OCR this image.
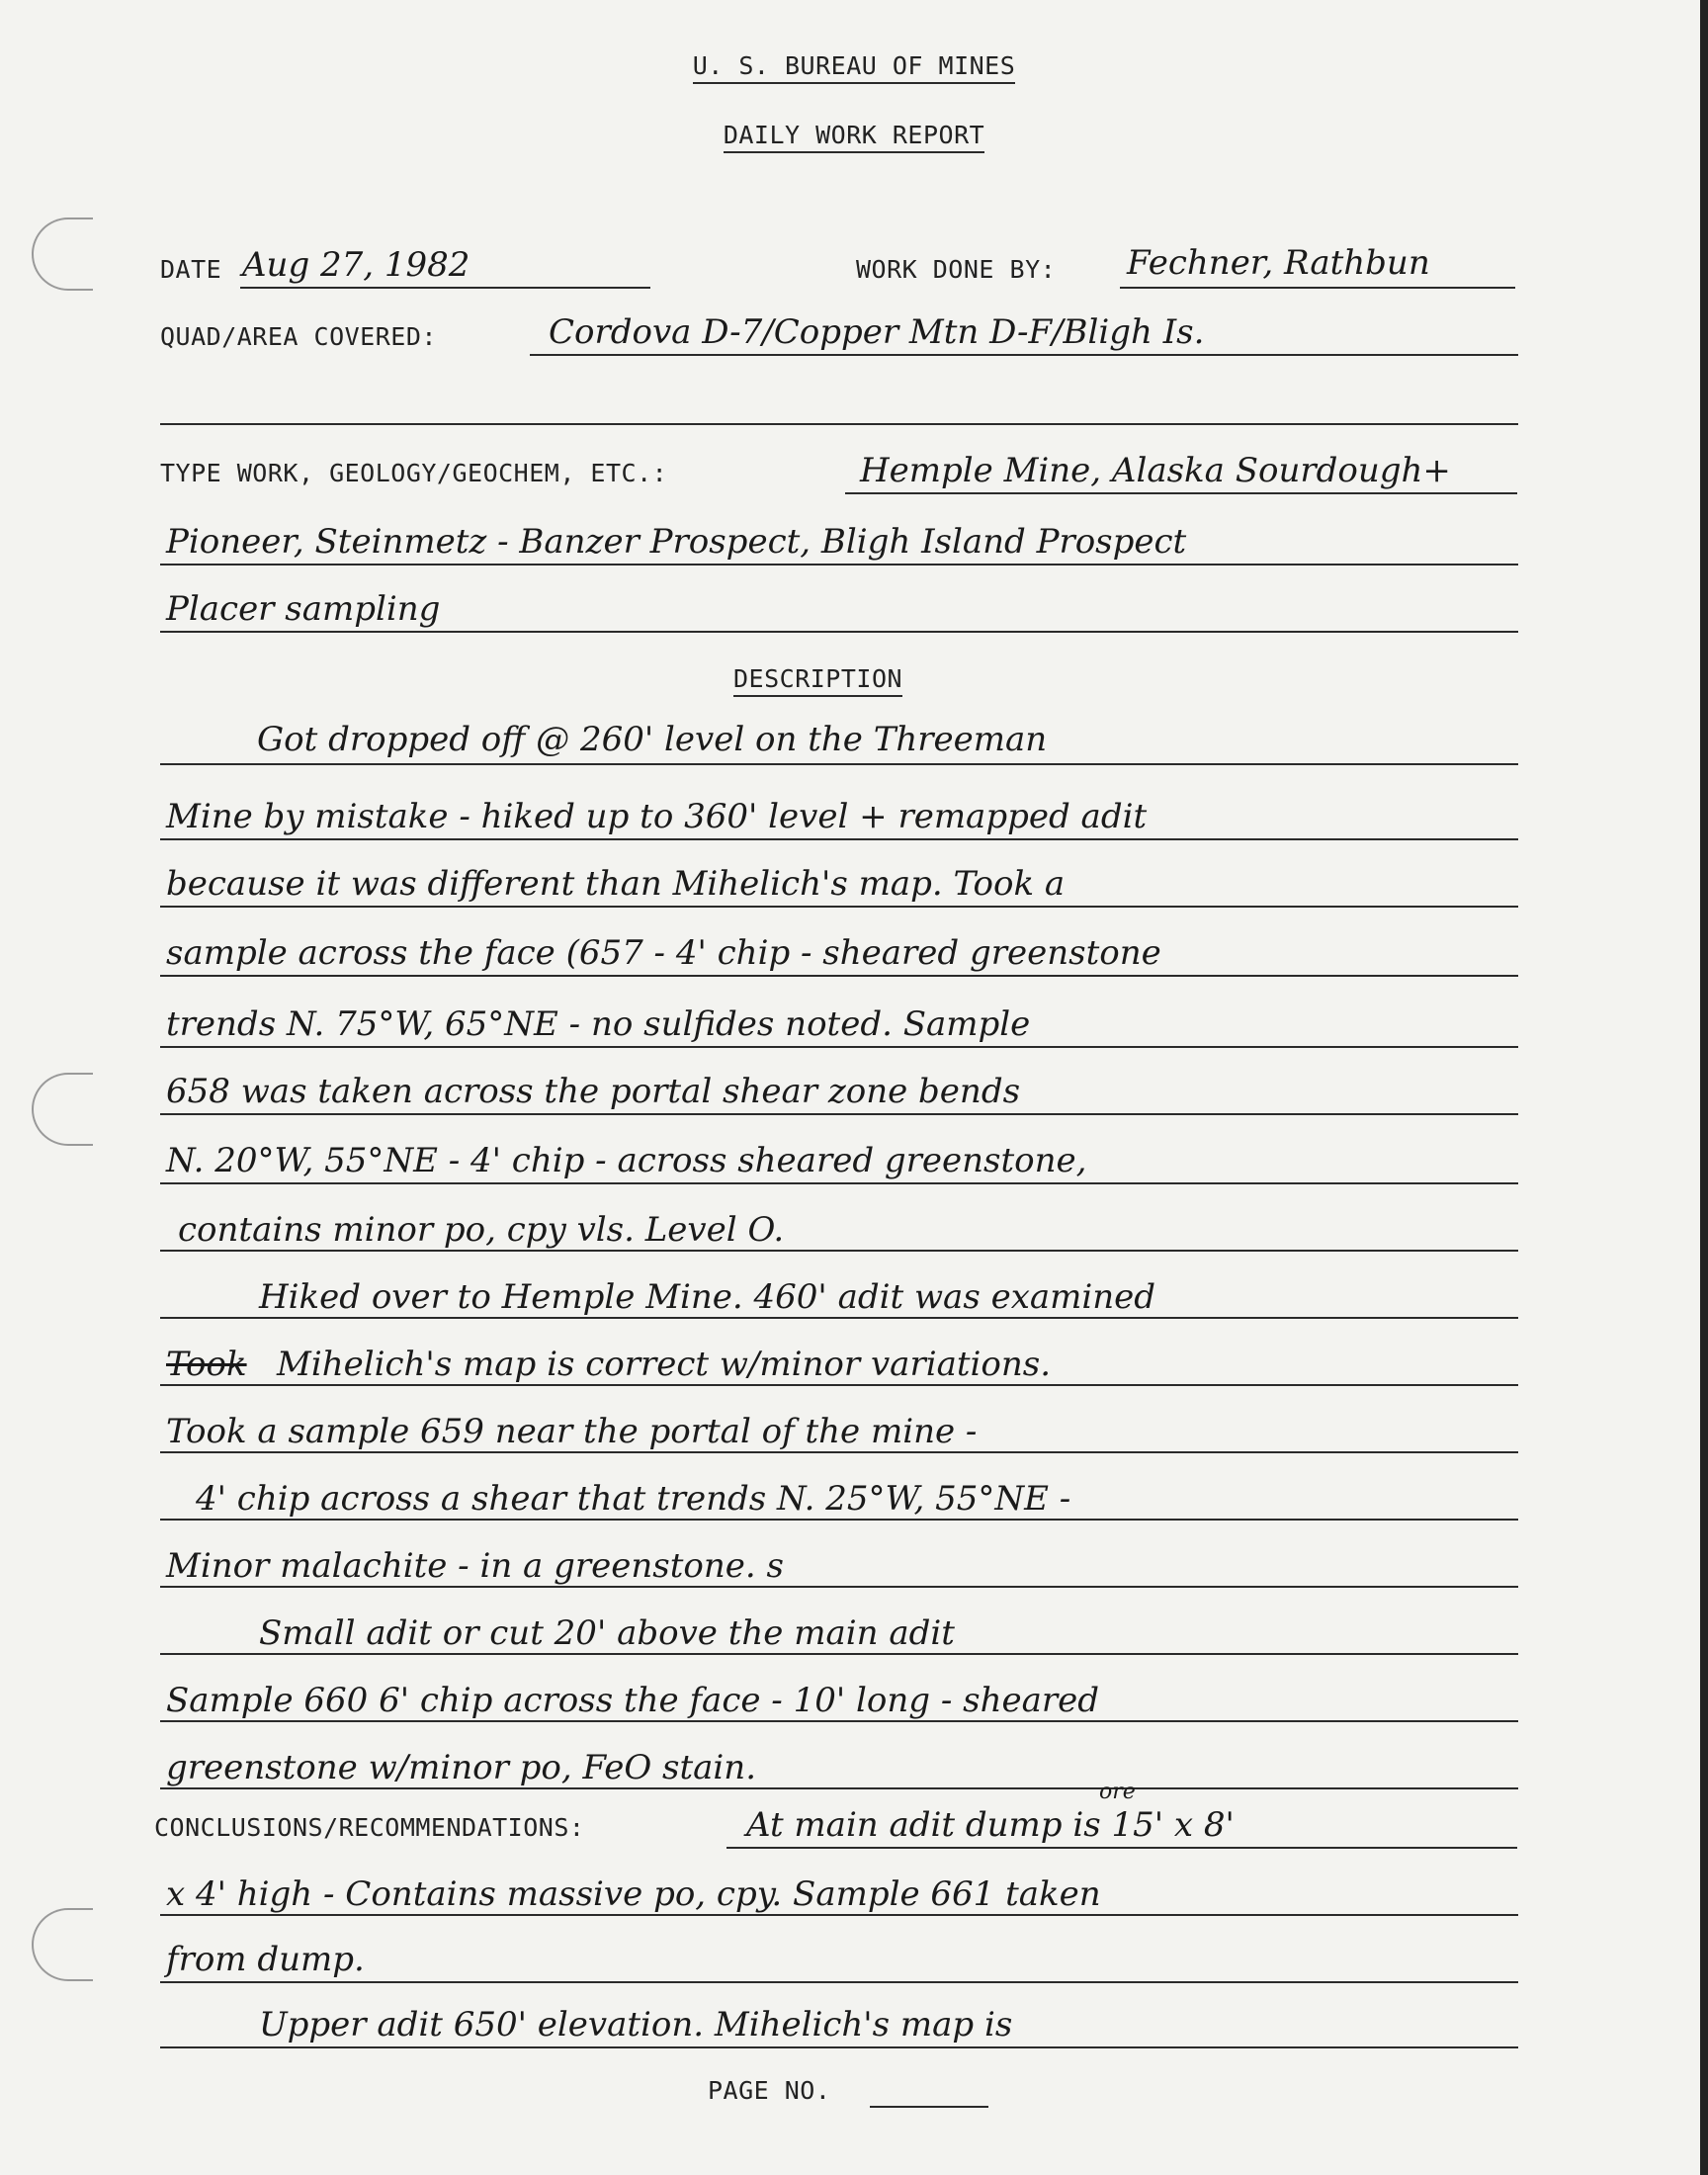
U. S. BUREAU OF MINES
DAILY WORK REPORT
DATE Aug 27, 1982	WORK DONE BY: Fechner, Rathbun
QUAD/AREA COVERED:	Cordova D-7/Copper Mtn D-F/Bligh Is.
TYPE WORK, GEOLOGY/GEOCHEM, ETC.:	Hemple Mine, Alaska Sourdough+
Pioneer, Steinmetz - Banzer Prospect, Bligh Island Prospect
Placer sampling
DESCRIPTION
Got dropped off @ 260' level on the Threeman
Mine by mistake - hiked up to 360' level + remapped adit
because it was different than Mihelich's map. Took a
sample across the face (657 - 4' chip - sheared greenstone
trends N. 75°W, 65°NE - no sulfides noted. Sample
658 was taken across the portal shear zone bends
N. 20°W, 55°NE - 4' chip - across sheared greenstone,
contains minor po, cpy vls. Level O.
Hiked over to Hemple Mine. 460' adit was examined
Took Mihelich's map is correct w/minor variations.
Took a sample 659 near the portal of the mine -
4' chip across a shear that trends N. 25°W, 55°NE -
Minor malachite - in a greenstone. s
Small adit or cut 20' above the main adit
Sample 660 6' chip across the face - 10' long - sheared
greenstone w/minor po, FeO stain.
CONCLUSIONS/RECOMMENDATIONS:
ore
At main adit dump is 15' x 8'
x 4' high - Contains massive po, cpy. Sample 661 taken
from dump.
Upper adit 650' elevation. Mihelich's map is
PAGE NO.
